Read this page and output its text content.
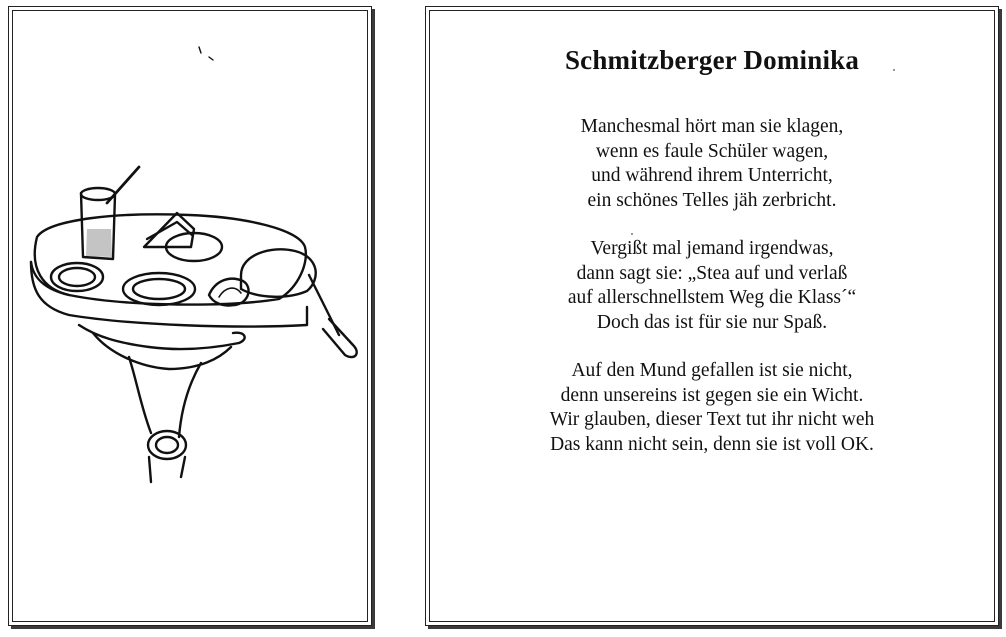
Schmitzberger Dominika
Manchesmal hört man sie klagen,
wenn es faule Schüler wagen,
und während ihrem Unterricht,
ein schönes Telles jäh zerbricht.
Vergißt mal jemand irgendwas,
dann sagt sie: „Stea auf und verlaß
auf allerschnellstem Weg die Klass´“
Doch das ist für sie nur Spaß.
Auf den Mund gefallen ist sie nicht,
denn unsereins ist gegen sie ein Wicht.
Wir glauben, dieser Text tut ihr nicht weh
Das kann nicht sein, denn sie ist voll OK.
